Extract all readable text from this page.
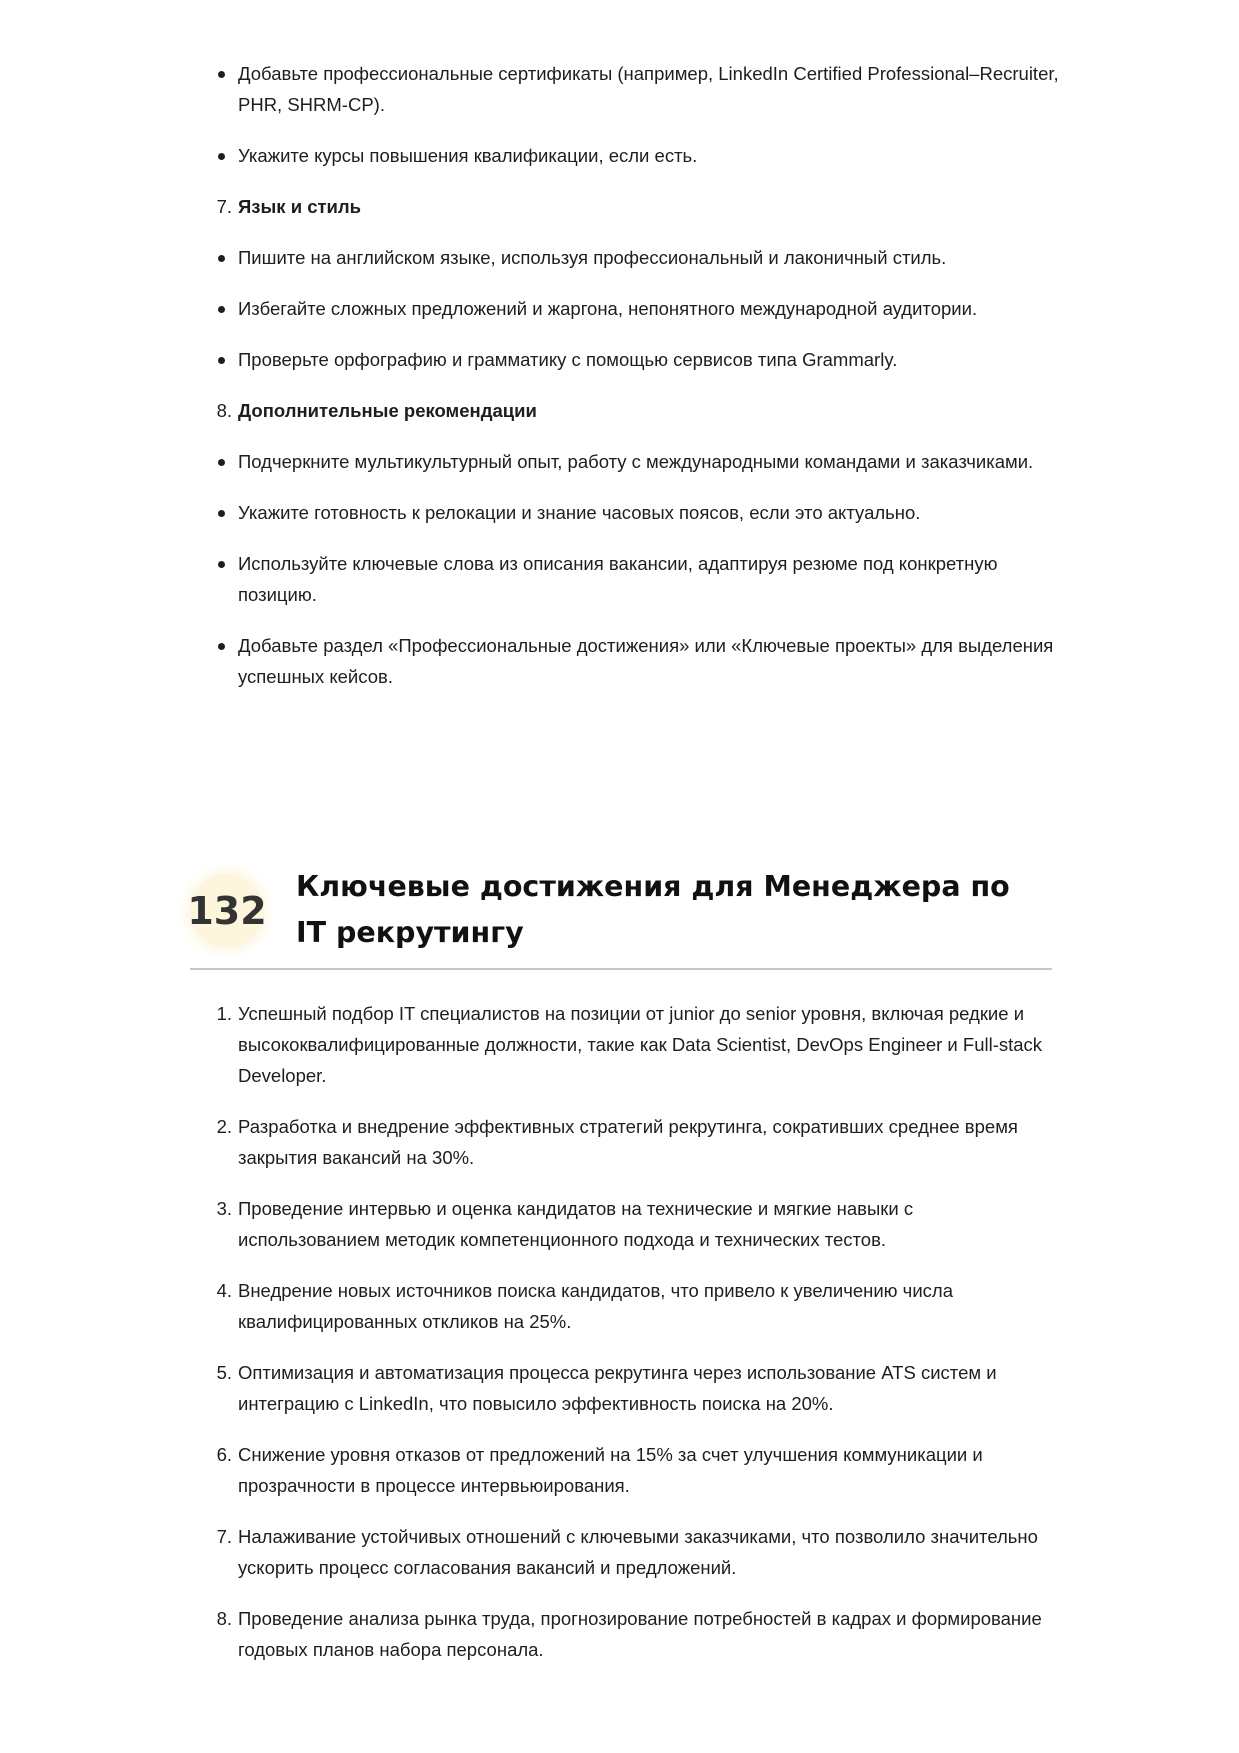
Добавьте профессиональные сертификаты (например, LinkedIn Certified Professional–Recruiter, PHR, SHRM-CP).
Укажите курсы повышения квалификации, если есть.
7. Язык и стиль
Пишите на английском языке, используя профессиональный и лаконичный стиль.
Избегайте сложных предложений и жаргона, непонятного международной аудитории.
Проверьте орфографию и грамматику с помощью сервисов типа Grammarly.
8. Дополнительные рекомендации
Подчеркните мультикультурный опыт, работу с международными командами и заказчиками.
Укажите готовность к релокации и знание часовых поясов, если это актуально.
Используйте ключевые слова из описания вакансии, адаптируя резюме под конкретную позицию.
Добавьте раздел «Профессиональные достижения» или «Ключевые проекты» для выделения успешных кейсов.
132
Ключевые достижения для Менеджера по IT рекрутингу
1. Успешный подбор IT специалистов на позиции от junior до senior уровня, включая редкие и высококвалифицированные должности, такие как Data Scientist, DevOps Engineer и Full-stack Developer.
2. Разработка и внедрение эффективных стратегий рекрутинга, сокративших среднее время закрытия вакансий на 30%.
3. Проведение интервью и оценка кандидатов на технические и мягкие навыки с использованием методик компетенционного подхода и технических тестов.
4. Внедрение новых источников поиска кандидатов, что привело к увеличению числа квалифицированных откликов на 25%.
5. Оптимизация и автоматизация процесса рекрутинга через использование ATS систем и интеграцию с LinkedIn, что повысило эффективность поиска на 20%.
6. Снижение уровня отказов от предложений на 15% за счет улучшения коммуникации и прозрачности в процессе интервьюирования.
7. Налаживание устойчивых отношений с ключевыми заказчиками, что позволило значительно ускорить процесс согласования вакансий и предложений.
8. Проведение анализа рынка труда, прогнозирование потребностей в кадрах и формирование годовых планов набора персонала.
